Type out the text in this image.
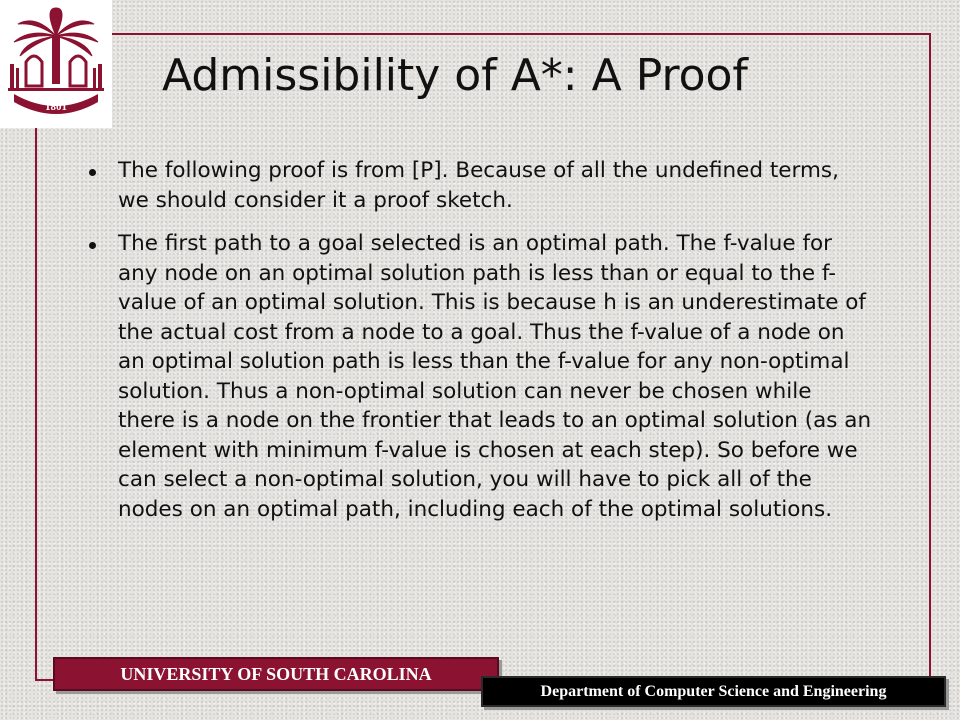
1801
Admissibility of A*: A Proof
The following proof is from [P]. Because of all the undefined terms, we should consider it a proof sketch.
The first path to a goal selected is an optimal path. The f-value for any node on an optimal solution path is less than or equal to the f-value of an optimal solution. This is because h is an underestimate of the actual cost from a node to a goal. Thus the f-value of a node on an optimal solution path is less than the f-value for any non-optimal solution. Thus a non-optimal solution can never be chosen while there is a node on the frontier that leads to an optimal solution (as an element with minimum f-value is chosen at each step). So before we can select a non-optimal solution, you will have to pick all of the nodes on an optimal path, including each of the optimal solutions.
UNIVERSITY OF SOUTH CAROLINA
Department of Computer Science and Engineering
